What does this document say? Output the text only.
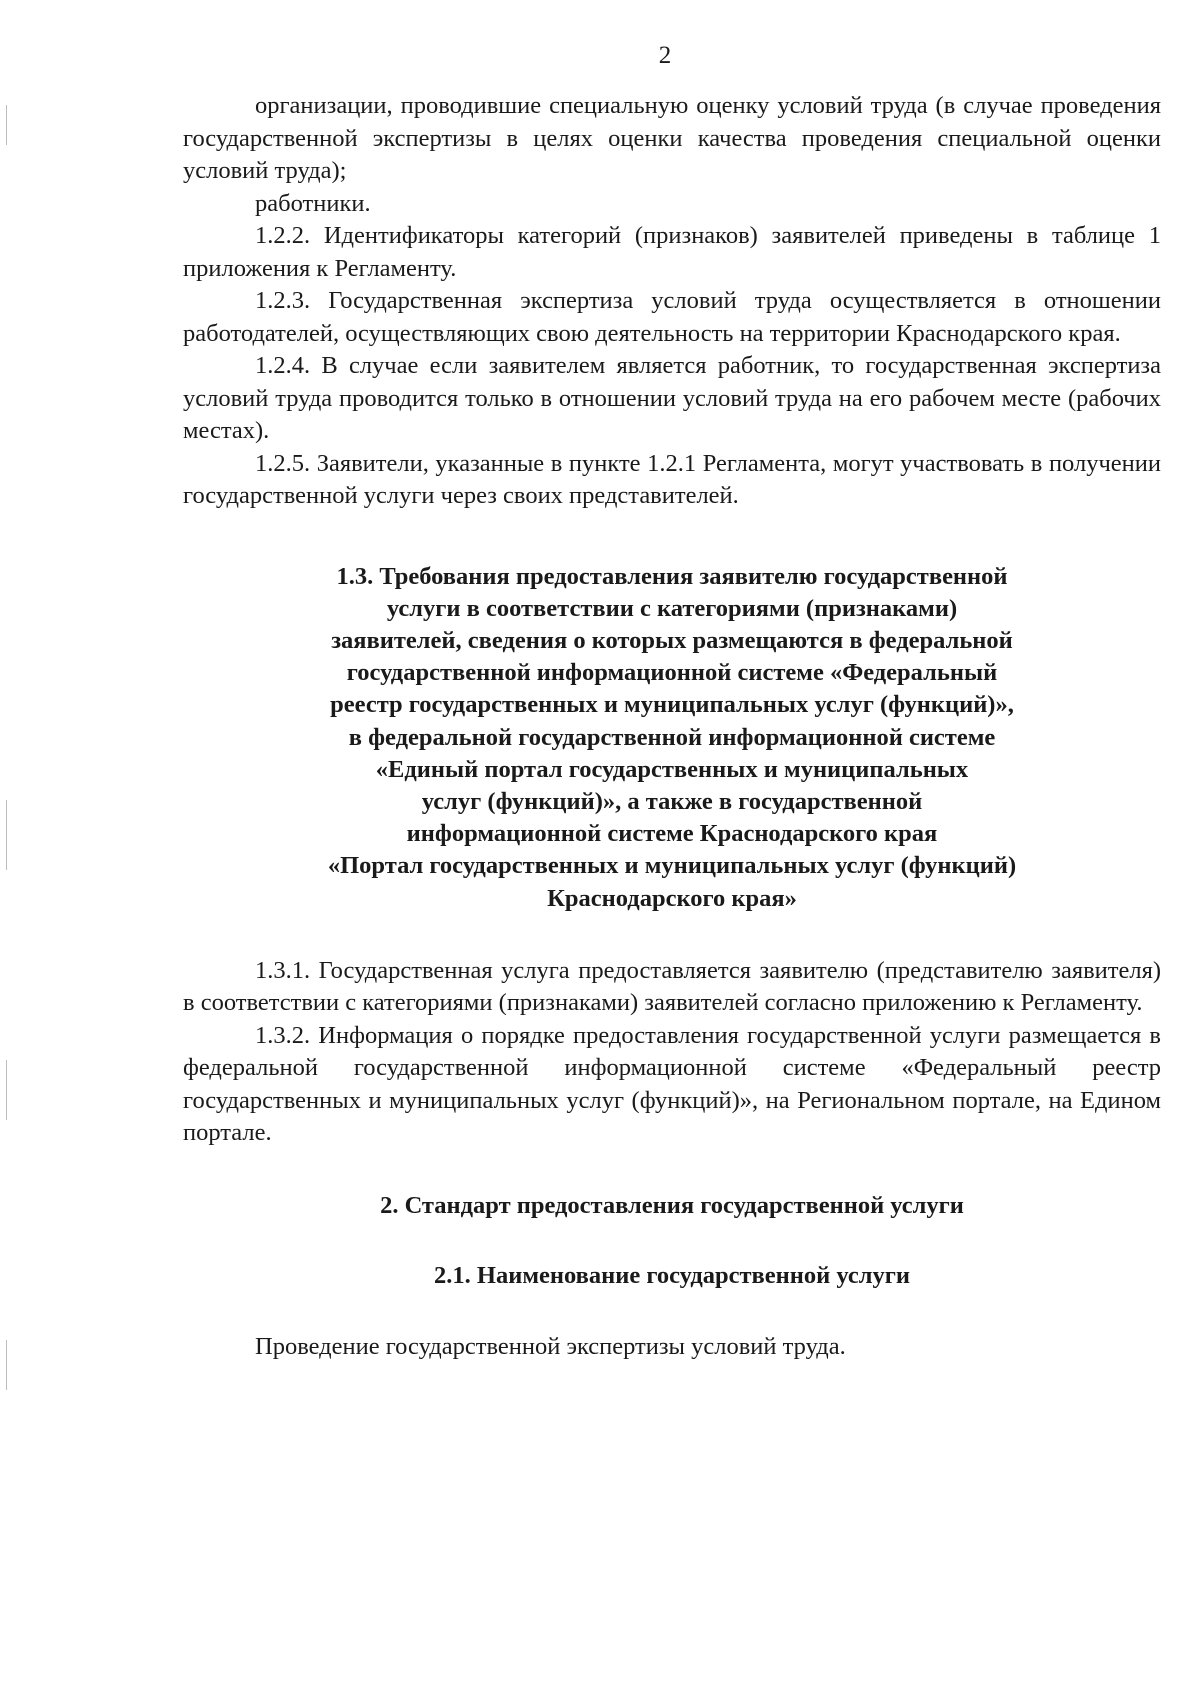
2

организации, проводившие специальную оценку условий труда (в случае проведения государственной экспертизы в целях оценки качества проведения специальной оценки условий труда);

работники.

1.2.2. Идентификаторы категорий (признаков) заявителей приведены в таблице 1 приложения к Регламенту.

1.2.3. Государственная экспертиза условий труда осуществляется в отношении работодателей, осуществляющих свою деятельность на территории Краснодарского края.

1.2.4. В случае если заявителем является работник, то государственная экспертиза условий труда проводится только в отношении условий труда на его рабочем месте (рабочих местах).

1.2.5. Заявители, указанные в пункте 1.2.1 Регламента, могут участвовать в получении государственной услуги через своих представителей.

1.3. Требования предоставления заявителю государственной
услуги в соответствии с категориями (признаками)
заявителей, сведения о которых размещаются в федеральной
государственной информационной системе «Федеральный
реестр государственных и муниципальных услуг (функций)»,
в федеральной государственной информационной системе
«Единый портал государственных и муниципальных
услуг (функций)», а также в государственной
информационной системе Краснодарского края
«Портал государственных и муниципальных услуг (функций)
Краснодарского края»

1.3.1. Государственная услуга предоставляется заявителю (представителю заявителя) в соответствии с категориями (признаками) заявителей согласно приложению к Регламенту.

1.3.2. Информация о порядке предоставления государственной услуги размещается в федеральной государственной информационной системе «Федеральный реестр государственных и муниципальных услуг (функций)», на Региональном портале, на Едином портале.

2. Стандарт предоставления государственной услуги
2.1. Наименование государственной услуги

Проведение государственной экспертизы условий труда.
